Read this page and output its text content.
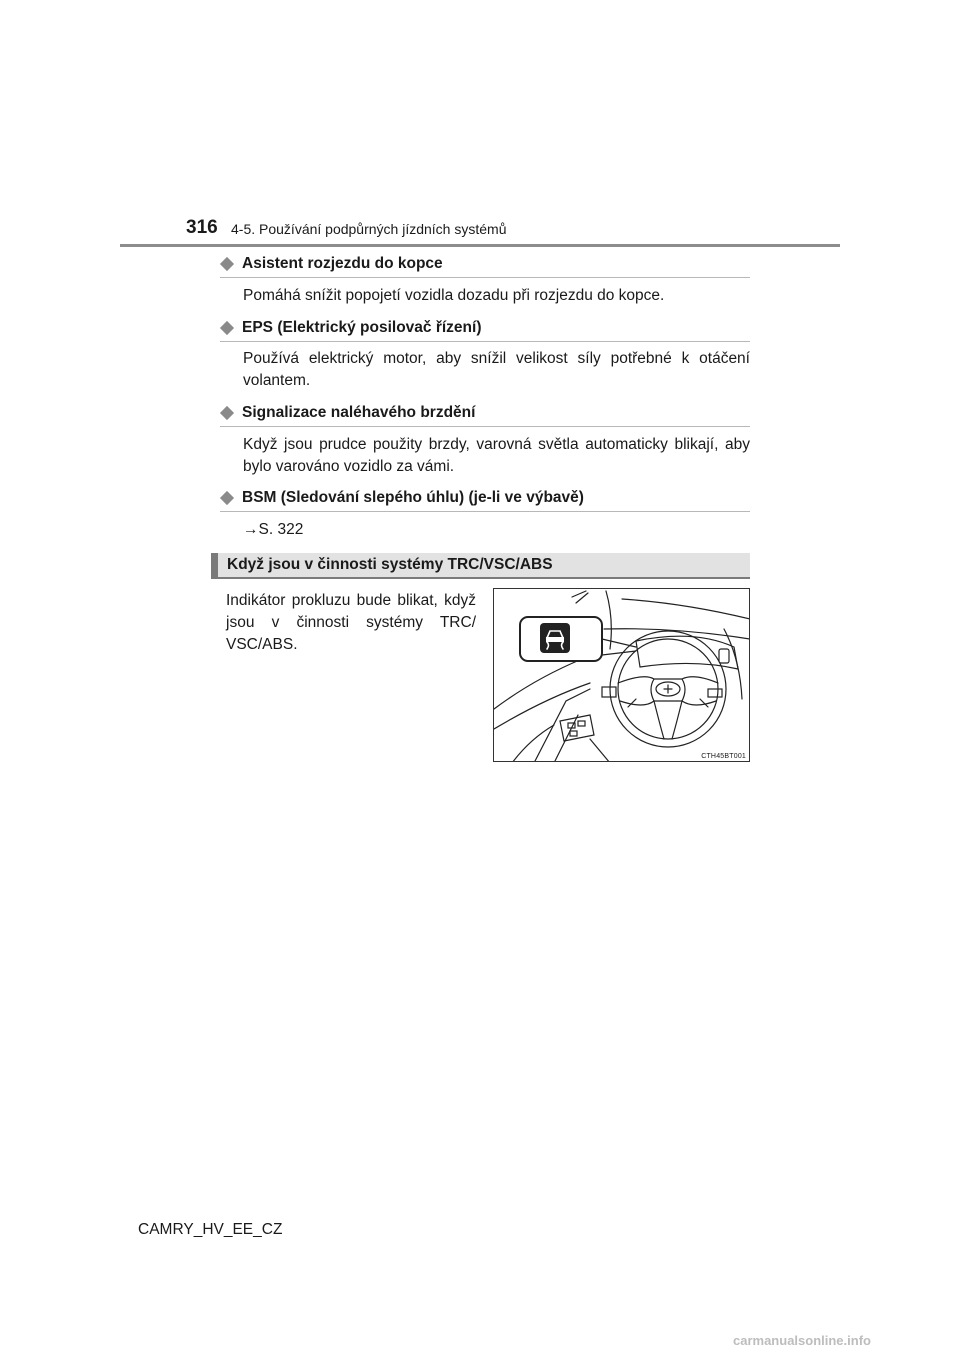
316 4-5. Používání podpůrných jízdních systémů
Asistent rozjezdu do kopce
Pomáhá snížit popojetí vozidla dozadu při rozjezdu do kopce.
EPS (Elektrický posilovač řízení)
Používá elektrický motor, aby snížil velikost síly potřebné k otáčení volantem.
Signalizace naléhavého brzdění
Když jsou prudce použity brzdy, varovná světla automaticky blikají, aby bylo varováno vozidlo za vámi.
BSM (Sledování slepého úhlu) (je-li ve výbavě)
→S. 322
Když jsou v činnosti systémy TRC/VSC/ABS
Indikátor prokluzu bude blikat, když jsou v činnosti systémy TRC/ VSC/ABS.
CTH45BT001
CAMRY_HV_EE_CZ
carmanualsonline.info
